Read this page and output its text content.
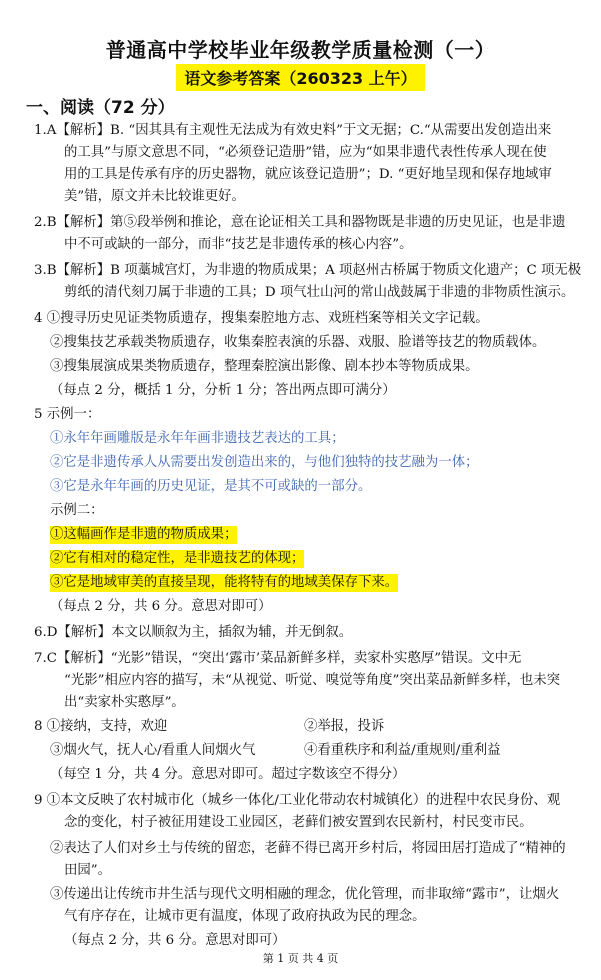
普通高中学校毕业年级教学质量检测（一）
语文参考答案（260323 上午）
一、阅读（72 分）
1.A【解析】B. “因其具有主观性无法成为有效史料”于文无据；C.“从需要出发创造出来
的工具”与原文意思不同，“必须登记造册”错，应为“如果非遗代表性传承人现在使
用的工具是传承有序的历史器物，就应该登记造册”；D. “更好地呈现和保存地域审
美”错，原文并未比较谁更好。
2.B【解析】第⑤段举例和推论，意在论证相关工具和器物既是非遗的历史见证，也是非遗
中不可或缺的一部分，而非“技艺是非遗传承的核心内容”。
3.B【解析】B 项藁城宫灯，为非遗的物质成果；A 项赵州古桥属于物质文化遗产；C 项无极
剪纸的清代刻刀属于非遗的工具；D 项气壮山河的常山战鼓属于非遗的非物质性演示。
4 ①搜寻历史见证类物质遗存，搜集秦腔地方志、戏班档案等相关文字记载。
②搜集技艺承载类物质遗存，收集秦腔表演的乐器、戏服、脸谱等技艺的物质载体。
③搜集展演成果类物质遗存，整理秦腔演出影像、剧本抄本等物质成果。
（每点 2 分，概括 1 分，分析 1 分；答出两点即可满分）
5 示例一：
①永年年画雕版是永年年画非遗技艺表达的工具；
②它是非遗传承人从需要出发创造出来的，与他们独特的技艺融为一体；
③它是永年年画的历史见证，是其不可或缺的一部分。
示例二：
①这幅画作是非遗的物质成果；
②它有相对的稳定性，是非遗技艺的体现；
③它是地域审美的直接呈现，能将特有的地域美保存下来。
（每点 2 分，共 6 分。意思对即可）
6.D【解析】本文以顺叙为主，插叙为辅，并无倒叙。
7.C【解析】“光影”错误，“突出‘露市’菜品新鲜多样，卖家朴实憨厚”错误。文中无
“光影”相应内容的描写，未“从视觉、听觉、嗅觉等角度”突出菜品新鲜多样，也未突
出“卖家朴实憨厚”。
8 ①接纳，支持，欢迎	②举报，投诉
③烟火气，抚人心/看重人间烟火气	④看重秩序和利益/重规则/重利益
（每空 1 分，共 4 分。意思对即可。超过字数该空不得分）
9 ①本文反映了农村城市化（城乡一体化/工业化带动农村城镇化）的进程中农民身份、观
念的变化，村子被征用建设工业园区，老藓们被安置到农民新村，村民变市民。
②表达了人们对乡土与传统的留恋，老藓不得已离开乡村后，将园田居打造成了“精神的
田园”。
③传递出让传统市井生活与现代文明相融的理念，优化管理，而非取缔“露市”，让烟火
气有序存在，让城市更有温度，体现了政府执政为民的理念。
（每点 2 分，共 6 分。意思对即可）
第 1 页 共 4 页
